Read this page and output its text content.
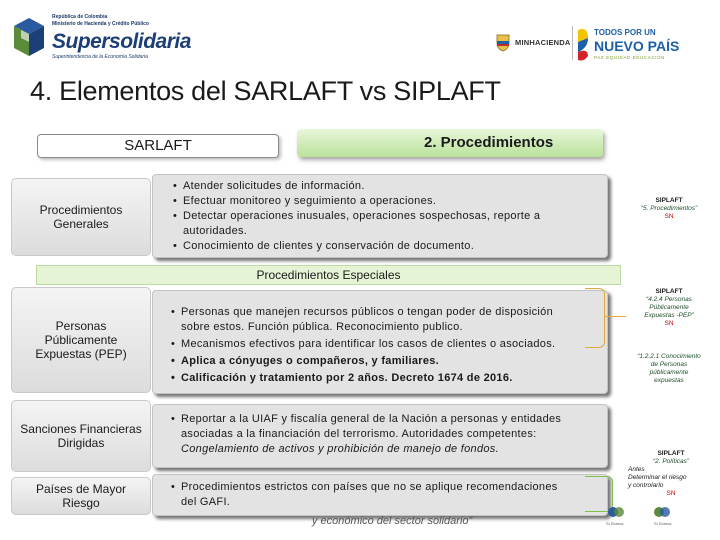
República de Colombia
Ministerio de Hacienda y Crédito Público
Supersolidaria
Superintendencia de la Economía Solidaria
MINHACIENDA
TODOS POR UN
NUEVO PAÍS
PAZ EQUIDAD EDUCACIÓN
4. Elementos del SARLAFT vs SIPLAFT
SARLAFT	2. Procedimientos
Procedimientos Generales
• Atender solicitudes de información.
• Efectuar monitoreo y seguimiento a operaciones.
• Detectar operaciones inusuales, operaciones sospechosas, reporte a
autoridades.
• Conocimiento de clientes y conservación de documento.
Procedimientos Especiales
Personas Públicamente Expuestas (PEP)
• Personas que manejen recursos públicos o tengan poder de disposición
sobre estos. Función pública. Reconocimiento publico.
• Mecanismos efectivos para identificar los casos de clientes o asociados.
• Aplica a cónyuges o compañeros, y familiares.
• Calificación y tratamiento por 2 años. Decreto 1674 de 2016.
Sanciones Financieras Dirigidas
• Reportar a la UIAF y fiscalía general de la Nación a personas y entidades
asociadas a la financiación del terrorismo. Autoridades competentes:
Congelamiento de activos y prohibición de manejo de fondos.
Países de Mayor Riesgo
• Procedimientos estrictos con países que no se aplique recomendaciones
del GAFI.
SIPLAFT
“5. Procedimientos”
SN
SIPLAFT
“4.2.4 Personas
Públicamente
Expuestas -PEP”
SN
“1.2.2.1 Conocimiento
de Personas
públicamente
expuestas
SIPLAFT
“2. Políticas”
Antes
Determinar el riesgo
y controlarlo
SN
y económico del sector solidario”	Sí Somos	Sí Somos
